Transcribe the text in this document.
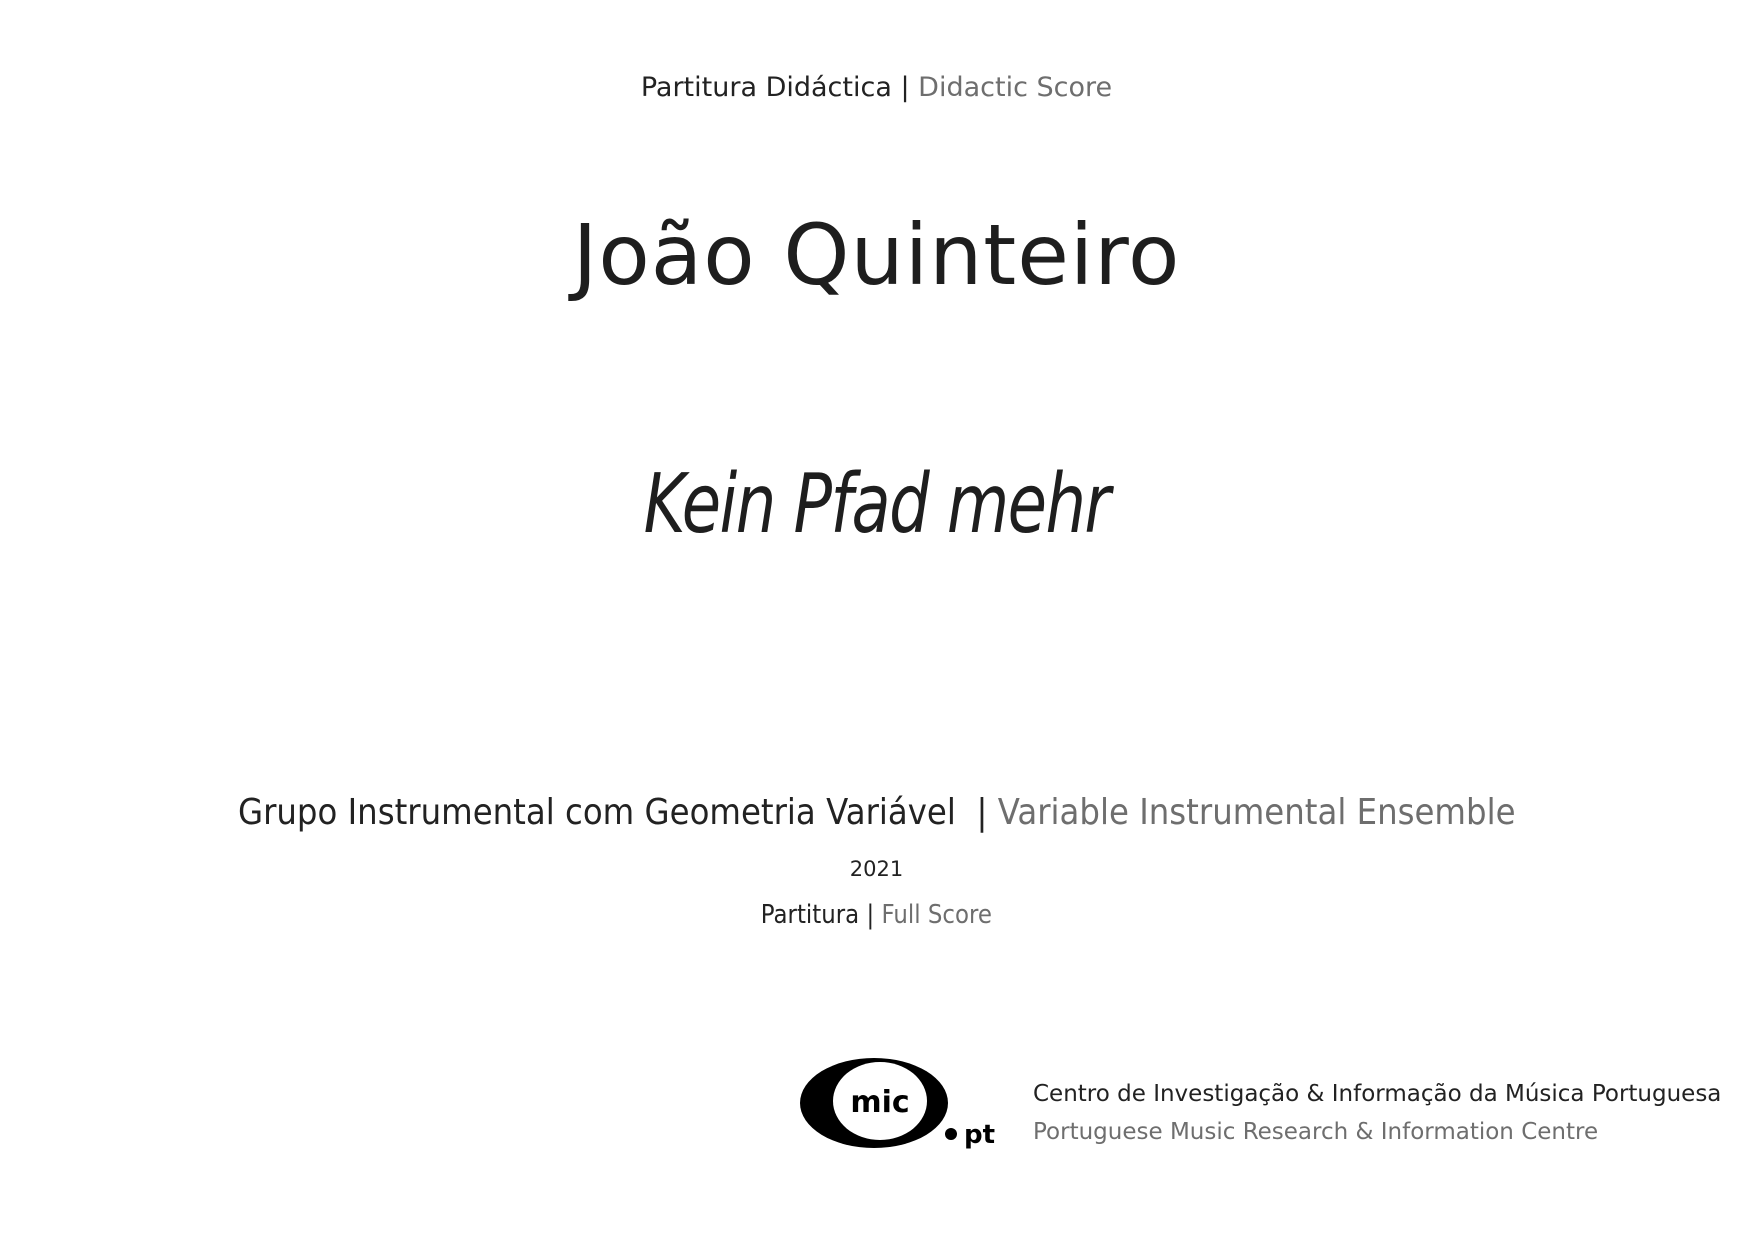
Partitura Didáctica | Didactic Score
João Quinteiro
Kein Pfad mehr
Grupo Instrumental com Geometria Variável | Variable Instrumental Ensemble
2021
Partitura | Full Score
mic
pt
Centro de Investigação & Informação da Música Portuguesa
Portuguese Music Research & Information Centre
